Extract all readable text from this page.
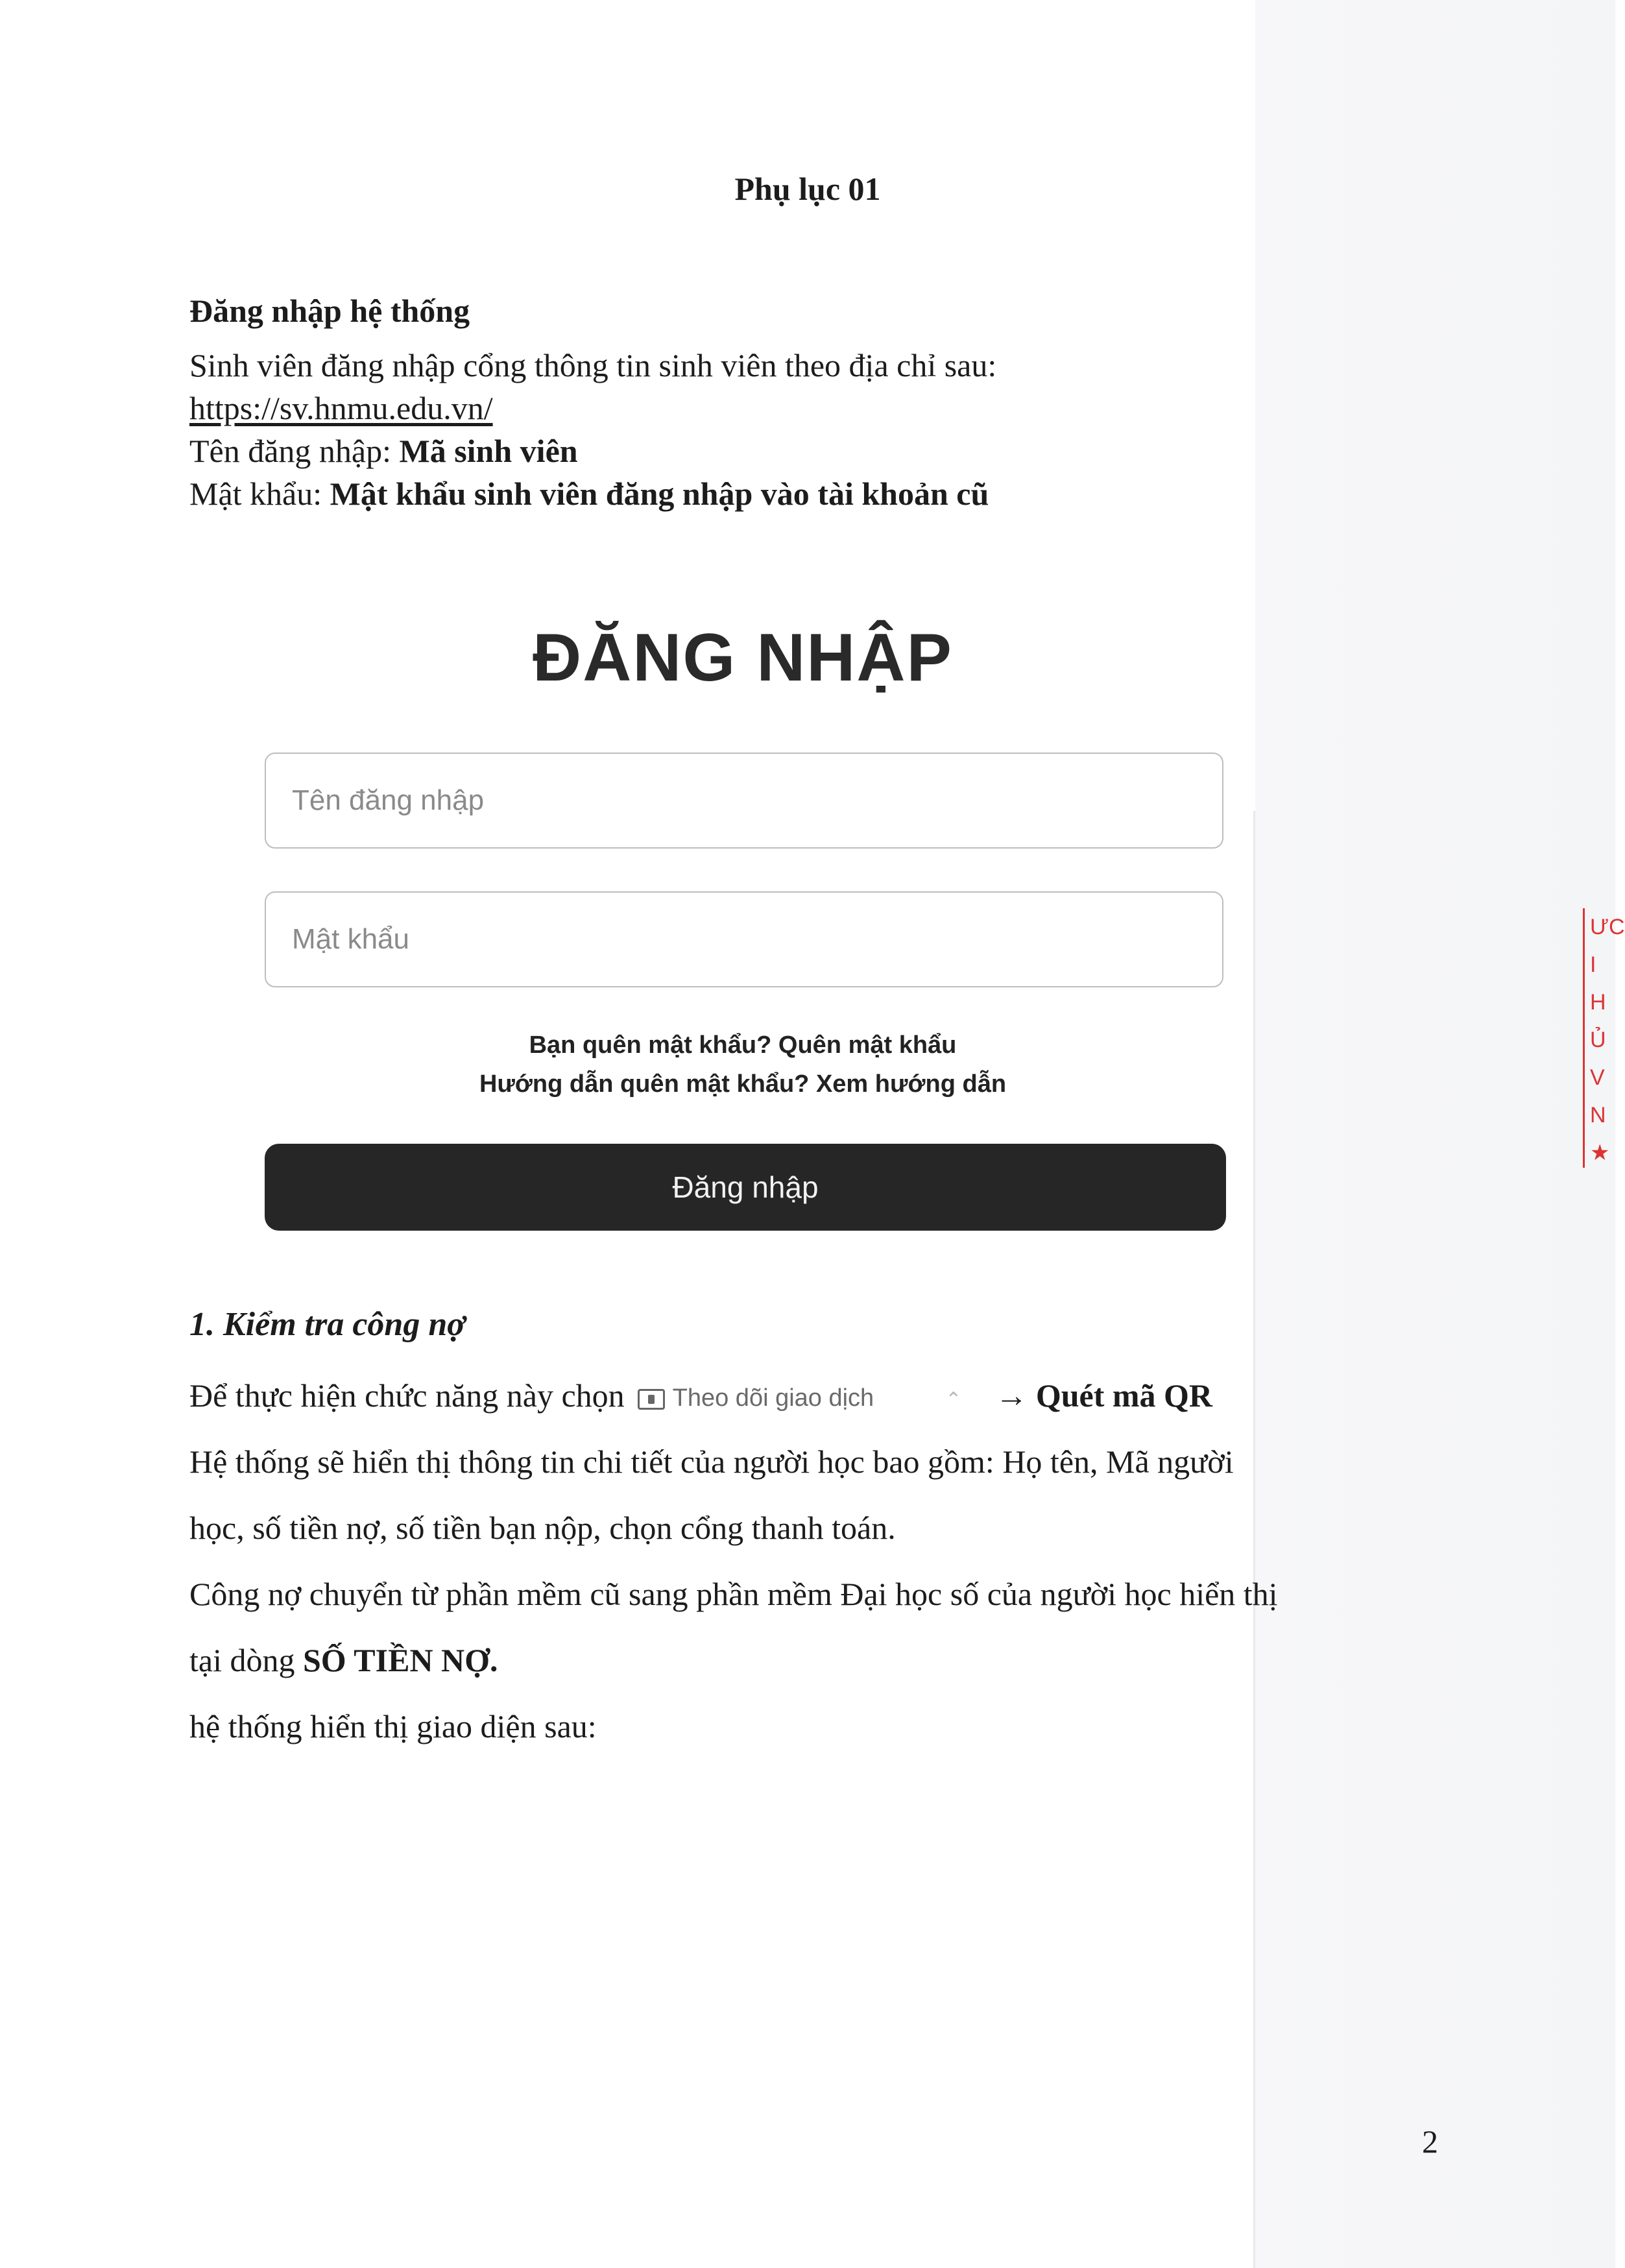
Phụ lục 01
Đăng nhập hệ thống
Sinh viên đăng nhập cổng thông tin sinh viên theo địa chỉ sau:
https://sv.hnmu.edu.vn/
Tên đăng nhập: Mã sinh viên
Mật khẩu: Mật khẩu sinh viên đăng nhập vào tài khoản cũ
ĐĂNG NHẬP
Tên đăng nhập
Mật khẩu
Bạn quên mật khẩu? Quên mật khẩu
Hướng dẫn quên mật khẩu? Xem hướng dẫn
Đăng nhập
1. Kiểm tra công nợ
Để thực hiện chức năng này chọn Theo dõi giao dịch	⌃ → Quét mã QR
Hệ thống sẽ hiển thị thông tin chi tiết của người học bao gồm: Họ tên, Mã người
học, số tiền nợ, số tiền bạn nộp, chọn cổng thanh toán.
Công nợ chuyển từ phần mềm cũ sang phần mềm Đại học số của người học hiển thị
tại dòng SỐ TIỀN NỢ.
hệ thống hiển thị giao diện sau:
2
ƯC
I H
Ủ
V N
★
